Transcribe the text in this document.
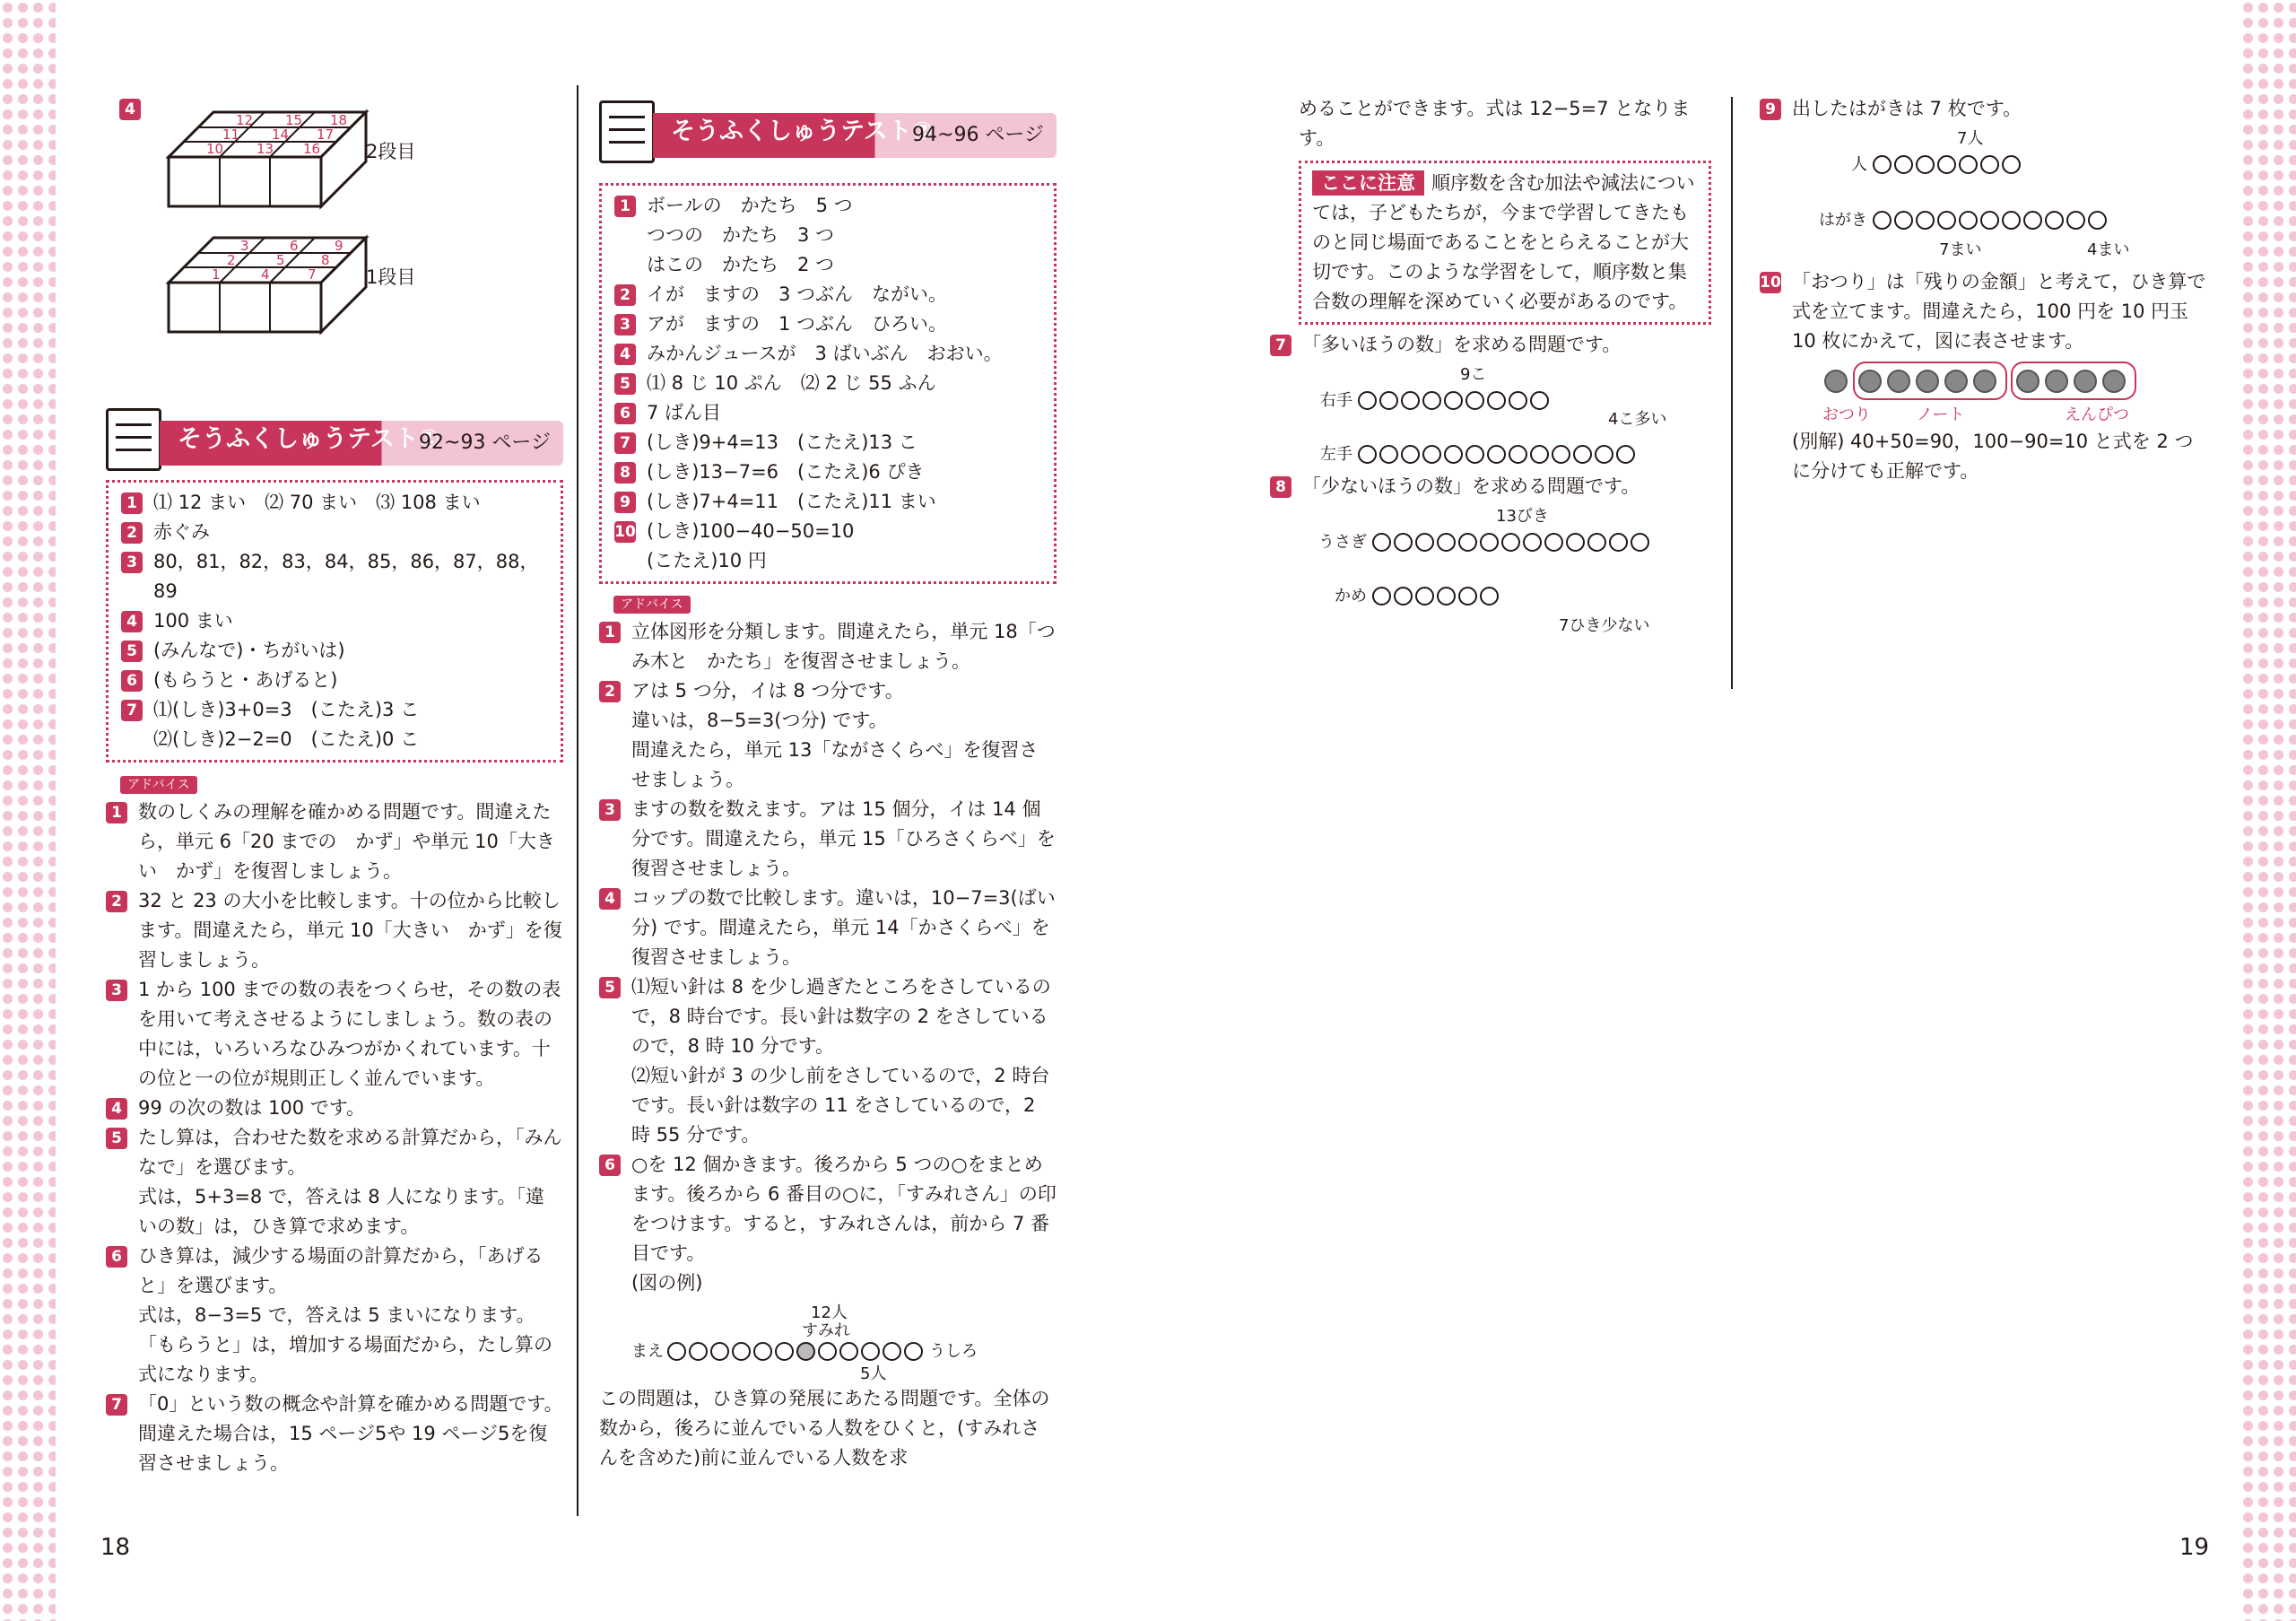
4
12 15 18
11 14 17
10 13 16 2段目
3	6	9
2	5	8
1	4	7	1段目
そうふくしゅうテスト①
92~93 ページ
1 ⑴ 12 まい　⑵ 70 まい　⑶ 108 まい
2 赤ぐみ
3 80，81，82，83，84，85，86，87，88，89
4 100 まい
5 (みんなで)・ちがいは)
6 (もらうと・あげると)
7 ⑴(しき)3+0=3　(こたえ)3 こ
⑵(しき)2−2=0　(こたえ)0 こ
アドバイス
1 数のしくみの理解を確かめる問題です。間違えたら，単元 6「20 までの　かず」や単元 10「大きい　かず」を復習しましょう。
2 32 と 23 の大小を比較します。十の位から比較します。間違えたら，単元 10「大きい　かず」を復習しましょう。
3 1 から 100 までの数の表をつくらせ，その数の表を用いて考えさせるようにしましょう。数の表の中には，いろいろなひみつがかくれています。十の位と一の位が規則正しく並んでいます。
4 99 の次の数は 100 です。
5 たし算は，合わせた数を求める計算だから，「みんなで」を選びます。
式は，5+3=8 で，答えは 8 人になります。「違いの数」は，ひき算で求めます。
6 ひき算は，減少する場面の計算だから，「あげると」を選びます。
式は，8−3=5 で，答えは 5 まいになります。「もらうと」は，増加する場面だから，たし算の式になります。
7 「0」という数の概念や計算を確かめる問題です。間違えた場合は，15 ページ5や 19 ページ5を復習させましょう。
そうふくしゅうテスト②
94~96 ページ
1 ボールの　かたち　5 つ
つつの　かたち　3 つ
はこの　かたち　2 つ
2 イが　ますの　3 つぶん　ながい。
3 アが　ますの　1 つぶん　ひろい。
4 みかんジュースが　3 ばいぶん　おおい。
5 ⑴ 8 じ 10 ぷん　⑵ 2 じ 55 ふん
6 7 ばん目
7 (しき)9+4=13　(こたえ)13 こ
8 (しき)13−7=6　(こたえ)6 ぴき
9 (しき)7+4=11　(こたえ)11 まい
10 (しき)100−40−50=10
(こたえ)10 円
アドバイス
1 立体図形を分類します。間違えたら，単元 18「つみ木と　かたち」を復習させましょう。
2 アは 5 つ分，イは 8 つ分です。
違いは，8−5=3(つ分) です。
間違えたら，単元 13「ながさくらべ」を復習させましょう。
3 ますの数を数えます。アは 15 個分，イは 14 個分です。間違えたら，単元 15「ひろさくらべ」を復習させましょう。
4 コップの数で比較します。違いは，10−7=3(ばい分) です。間違えたら，単元 14「かさくらべ」を復習させましょう。
5 ⑴短い針は 8 を少し過ぎたところをさしているので，8 時台です。長い針は数字の 2 をさしているので，8 時 10 分です。
⑵短い針が 3 の少し前をさしているので，2 時台です。長い針は数字の 11 をさしているので，2 時 55 分です。
6 ○を 12 個かきます。後ろから 5 つの○をまとめます。後ろから 6 番目の○に，「すみれさん」の印をつけます。すると，すみれさんは，前から 7 番目です。
(図の例)
12人
すみれ
まえ	うしろ
5人
この問題は，ひき算の発展にあたる問題です。全体の数から，後ろに並んでいる人数をひくと，(すみれさんを含めた)前に並んでいる人数を求
18
めることができます。式は 12−5=7 となります。
ここに注意 順序数を含む加法や減法については，子どもたちが，今まで学習してきたものと同じ場面であることをとらえることが大切です。このような学習をして，順序数と集合数の理解を深めていく必要があるのです。
7 「多いほうの数」を求める問題です。
9こ
右手
4こ多い
左手
8 「少ないほうの数」を求める問題です。
13びき
うさぎ
かめ
7ひき少ない
9 出したはがきは 7 枚です。
7人
人
はがき
7まい	4まい
10 「おつり」は「残りの金額」と考えて，ひき算で式を立てます。間違えたら，100 円を 10 円玉 10 枚にかえて，図に表させます。
おつり	ノート	えんぴつ
(別解) 40+50=90，100−90=10 と式を 2 つに分けても正解です。
19
